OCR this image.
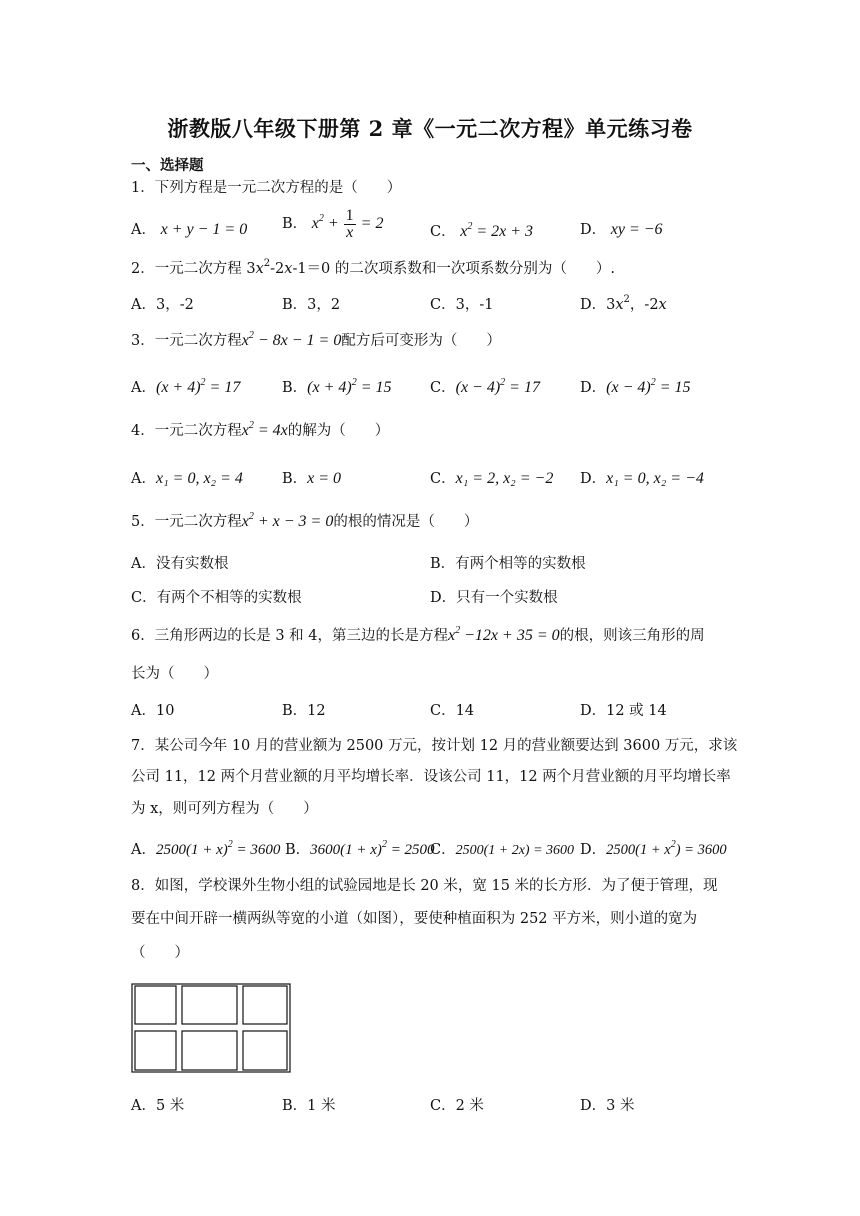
浙教版八年级下册第 2 章《一元二次方程》单元练习卷
一、选择题
1．下列方程是一元二次方程的是（　　）
A． x + y − 1 = 0 B． $x^2 + \frac{1}{x} = 2$	C． $x^2 = 2x + 3$	D． xy = −6
2．一元二次方程 $3x^2-2x-1=0$ 的二次项系数和一次项系数分别为（　　）.
A．3，-2	B．3，2	C．3，-1	D．$3x^2$，-2x
3．一元二次方程$x^2 - 8x - 1 = 0$配方后可变形为（　　）
A．$(x + 4)^2 = 17$	B．$(x + 4)^2 = 15$	C．$(x - 4)^2 = 17$	D．$(x - 4)^2 = 15$
4．一元二次方程$x^2 = 4x$的解为（　　）
A．x₁ = 0, x₂ = 4	B．x = 0	C．x₁ = 2, x₂ = −2 D．x₁ = 0, x₂ = −4
5．一元二次方程$x^2 + x - 3 = 0$的根的情况是（　　）
A．没有实数根	B．有两个相等的实数根
C．有两个不相等的实数根	D．只有一个实数根
6．三角形两边的长是 3 和 4，第三边的长是方程$x^2 -12x + 35 = 0$的根，则该三角形的周
长为（　　）
A．10	B．12	C．14	D．12 或 14
7．某公司今年 10 月的营业额为 2500 万元，按计划 12 月的营业额要达到 3600 万元，求该
公司 11，12 两个月营业额的月平均增长率．设该公司 11，12 两个月营业额的月平均增长率
为 x，则可列方程为（　　）
A．$2500(1 + x)^2 = 3600$ B．$3600(1 + x)^2 = 2500$
C．2500(1 + 2x) = 3600 D．$2500(1 + x^2) = 3600$
8．如图，学校课外生物小组的试验园地是长 20 米，宽 15 米的长方形．为了便于管理，现
要在中间开辟一横两纵等宽的小道（如图），要使种植面积为 252 平方米，则小道的宽为
（　　）
A．5 米	B．1 米	C．2 米	D．3 米
